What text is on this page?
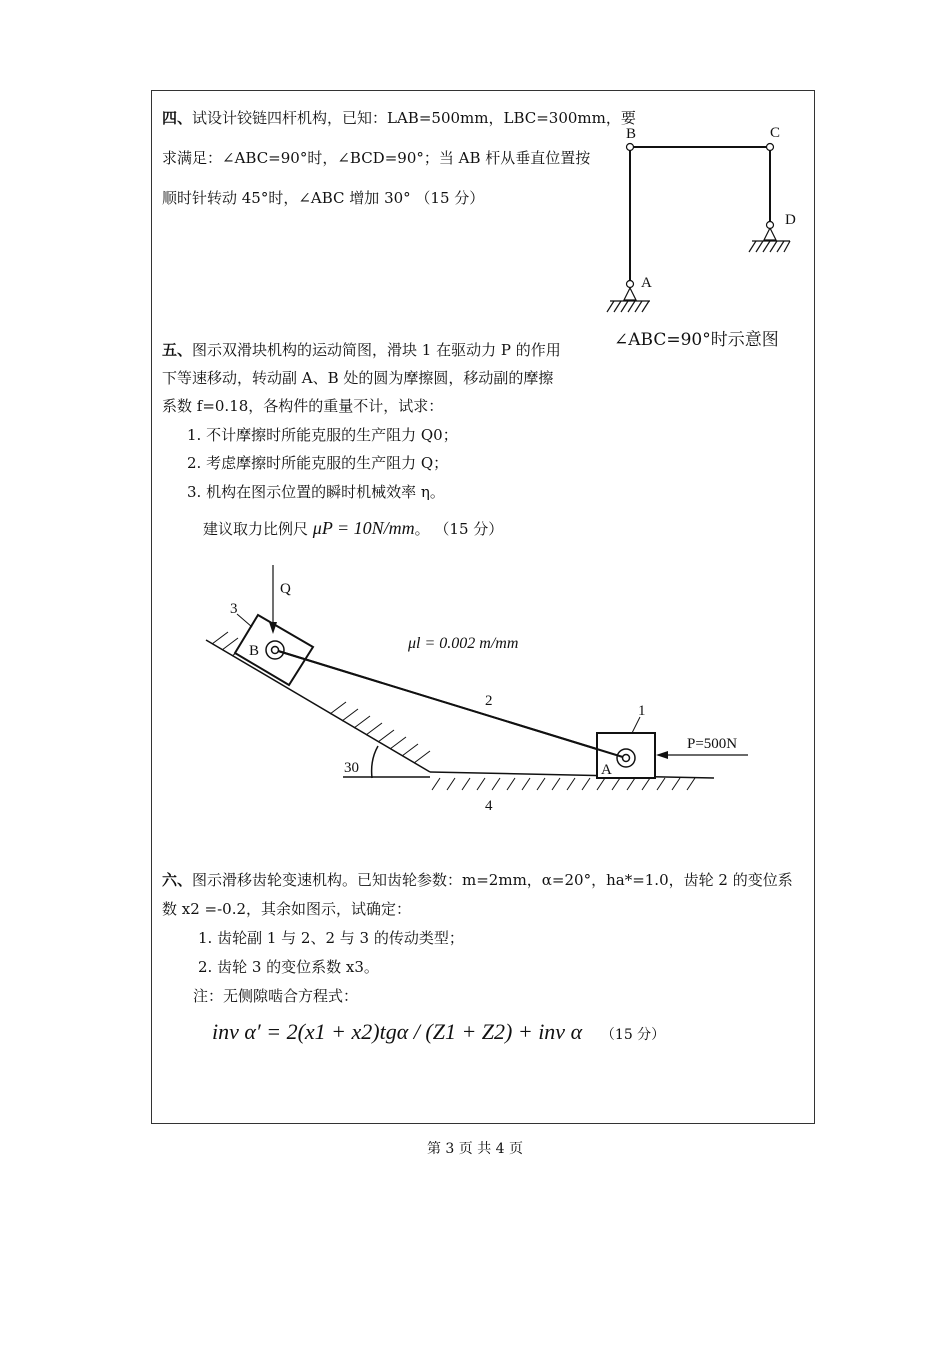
四、试设计铰链四杆机构，已知：LAB=500mm，LBC=300mm，要
求满足：∠ABC=90°时，∠BCD=90°；当 AB 杆从垂直位置按
顺时针转动 45°时，∠ABC 增加 30° （15 分）
B	C
D
A
∠ABC=90°时示意图
五、图示双滑块机构的运动简图，滑块 1 在驱动力 P 的作用
下等速移动，转动副 A、B 处的圆为摩擦圆，移动副的摩擦
系数 f=0.18，各构件的重量不计，试求：
1. 不计摩擦时所能克服的生产阻力 Q0；
2. 考虑摩擦时所能克服的生产阻力 Q；
3. 机构在图示位置的瞬时机械效率 η。
建议取力比例尺 μP = 10N/mm。 （15 分）
Q
3
B	μl = 0.002 m/mm
2
1
A
P=500N
30
4
六、图示滑移齿轮变速机构。已知齿轮参数：m=2mm，α=20°，ha*=1.0，齿轮 2 的变位系
数 x2 =-0.2，其余如图示，试确定：
1. 齿轮副 1 与 2、2 与 3 的传动类型；
2. 齿轮 3 的变位系数 x3。
注：无侧隙啮合方程式：
inv α′ = 2(x1 + x2)tgα / (Z1 + Z2) + inv α （15 分）
第 3 页 共 4 页
